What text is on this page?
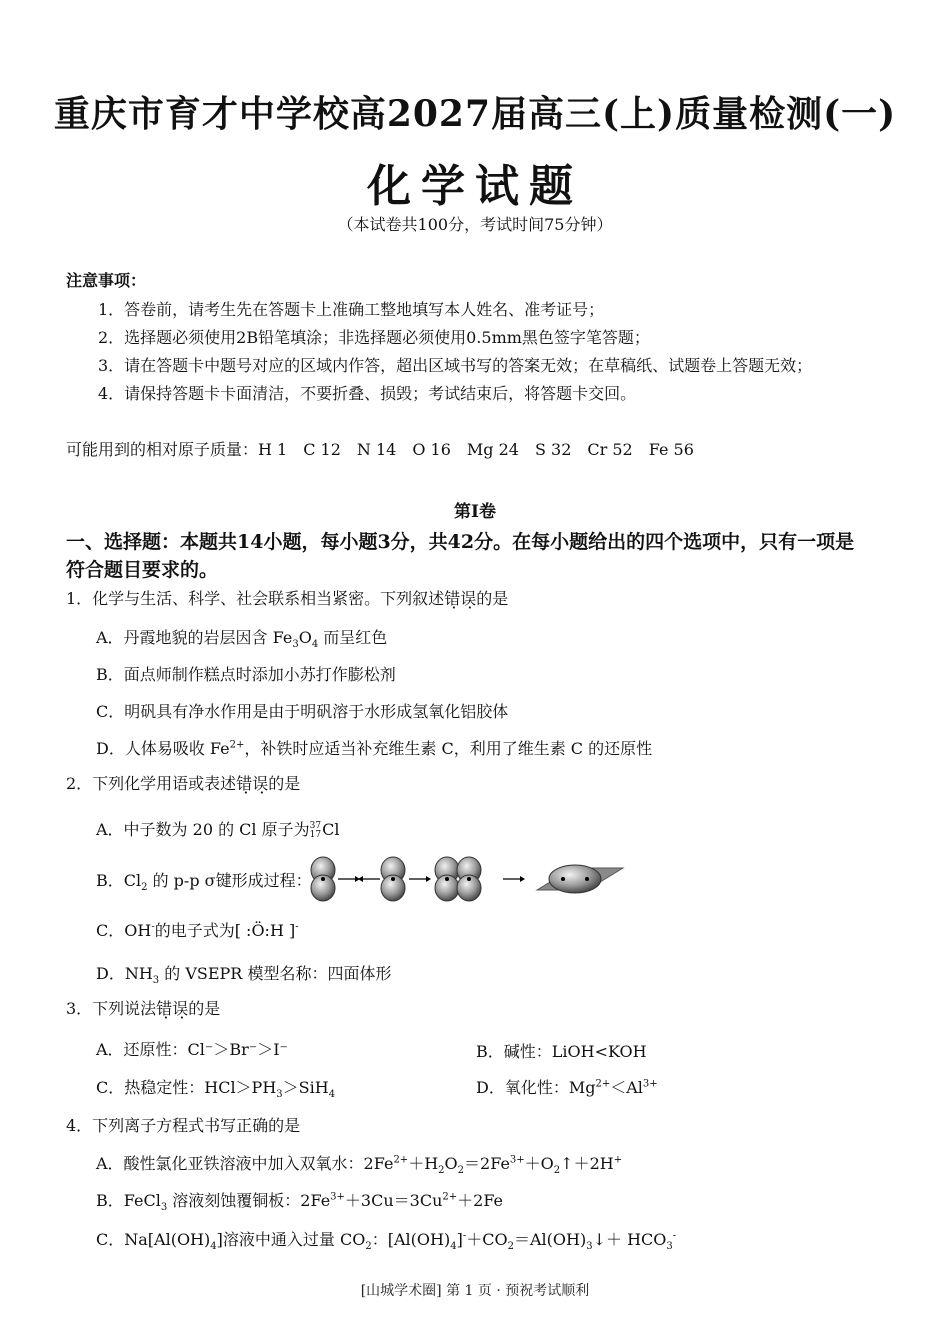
重庆市育才中学校高2027届高三(上)质量检测(一)
化学试题
（本试卷共100分，考试时间75分钟）
注意事项：
1．答卷前，请考生先在答题卡上准确工整地填写本人姓名、准考证号；
2．选择题必须使用2B铅笔填涂；非选择题必须使用0.5mm黑色签字笔答题；
3．请在答题卡中题号对应的区域内作答，超出区域书写的答案无效；在草稿纸、试题卷上答题无效；
4．请保持答题卡卡面清洁，不要折叠、损毁；考试结束后，将答题卡交回。
可能用到的相对原子质量：H 1　C 12　N 14　O 16　Mg 24　S 32　Cr 52　Fe 56
第Ⅰ卷
一、选择题：本题共14小题，每小题3分，共42分。在每小题给出的四个选项中，只有一项是
符合题目要求的。
1．化学与生活、科学、社会联系相当紧密。下列叙述错误的是
A．丹霞地貌的岩层因含 $Fe_3O_4$ 而呈红色
B．面点师制作糕点时添加小苏打作膨松剂
C．明矾具有净水作用是由于明矾溶于水形成氢氧化铝胶体
D．人体易吸收 $Fe^{2+}$，补铁时应适当补充维生素 C，利用了维生素 C 的还原性
2．下列化学用语或表述错误的是
A．中子数为 20 的 Cl 原子为37
17Cl
B．$Cl_2$ 的 p-p σ键形成过程：
C．OH-的电子式为[ :Ö:H ]-
D．$NH_3$ 的 VSEPR 模型名称：四面体形
3．下列说法错误的是
A．还原性：Cl⁻＞Br⁻＞I⁻	B．碱性：LiOH<KOH
C．热稳定性：$HCl>PH_3>SiH_4$	D．氧化性：$Mg^{2+}<Al^{3+}$
4．下列离子方程式书写正确的是
A．酸性氯化亚铁溶液中加入双氧水：$2Fe^{2+}+H_2O_2=2Fe^{3+}+O_2↑+2H^+$
B．FeCl$_3$ 溶液刻蚀覆铜板：$2Fe^{3+}+3Cu=3Cu^{2+}+2Fe$
C．$Na[Al(OH)_4]$溶液中通入过量 $CO_2$：$[Al(OH)_4]^-+CO_2=Al(OH)_3↓+ HCO_3^-$
[山城学术圈] 第 1 页 · 预祝考试顺利
